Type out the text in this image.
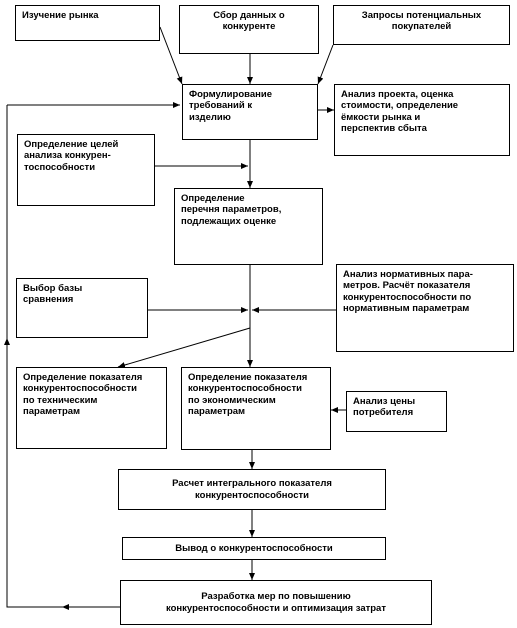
Изучение рынка	Сбор данных о
конкуренте
Запросы потенциальных
покупателей
Формулирование
требований к
изделию
Анализ проекта, оценка
стоимости, определение
ёмкости рынка и
перспектив сбыта
Определение целей
анализа конкурен-
тоспособности
Определение
перечня параметров,
подлежащих оценке
Выбор базы
сравнения
Анализ нормативных пара-
метров. Расчёт показателя
конкурентоспособности по
нормативным параметрам
Определение показателя
конкурентоспособности
по техническим
параметрам
Определение показателя
конкурентоспособности
по экономическим
параметрам
Анализ цены
потребителя
Расчет интегрального показателя
конкурентоспособности
Вывод о конкурентоспособности
Разработка мер по повышению
конкурентоспособности и оптимизация затрат
